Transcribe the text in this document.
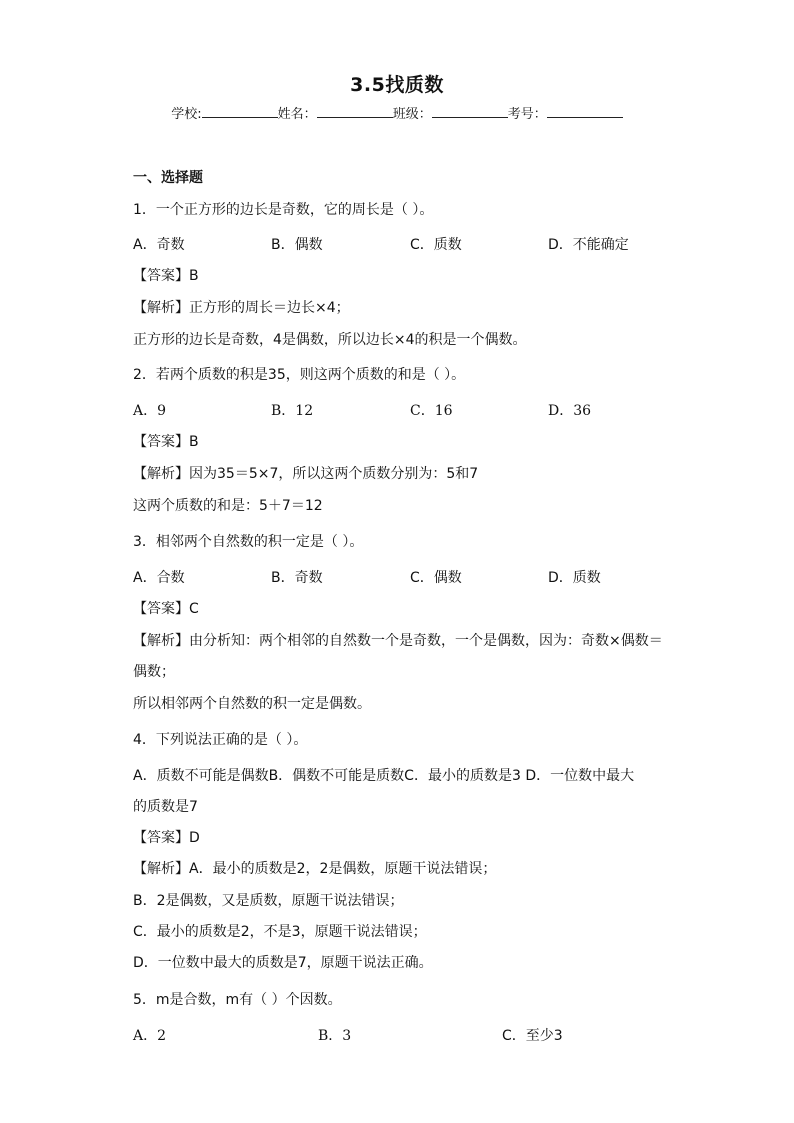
3.5找质数
学校:	姓名：	班级：	考号：
一、选择题
1．一个正方形的边长是奇数，它的周长是（ ）。
A．奇数	B．偶数	C．质数	D．不能确定
【答案】B
【解析】正方形的周长＝边长×4；
正方形的边长是奇数，4是偶数，所以边长×4的积是一个偶数。
2．若两个质数的积是35，则这两个质数的和是（ ）。
A．9	B．12	C．16	D．36
【答案】B
【解析】因为35＝5×7，所以这两个质数分别为：5和7
这两个质数的和是：5＋7＝12
3．相邻两个自然数的积一定是（ ）。
A．合数	B．奇数	C．偶数	D．质数
【答案】C
【解析】由分析知：两个相邻的自然数一个是奇数，一个是偶数，因为：奇数×偶数＝
偶数；
所以相邻两个自然数的积一定是偶数。
4．下列说法正确的是（ ）。
A．质数不可能是偶数B．偶数不可能是质数C．最小的质数是3 D．一位数中最大
的质数是7
【答案】D
【解析】A．最小的质数是2，2是偶数，原题干说法错误；
B．2是偶数，又是质数，原题干说法错误；
C．最小的质数是2，不是3，原题干说法错误；
D．一位数中最大的质数是7，原题干说法正确。
5．m是合数，m有（ ）个因数。
A．2	B．3	C．至少3
